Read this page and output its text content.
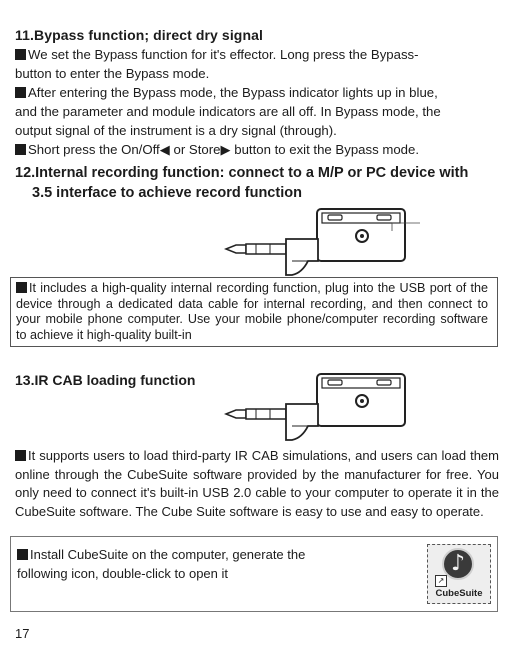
11.Bypass function; direct dry signal
We set the Bypass function for it's effector. Long press the Bypass-
button to enter the Bypass mode.
After entering the Bypass mode, the Bypass indicator lights up in blue,
and the parameter and module indicators are all off. In Bypass mode, the
output signal of the instrument is a dry signal (through).
Short press the On/Off◀ or Store▶ button to exit the Bypass mode.
12.Internal recording function: connect to a M/P or PC device with
3.5 interface to achieve record function
It includes a high-quality internal recording function, plug into the USB port of the device through a dedicated data cable for internal recording, and then connect to your mobile phone computer. Use your mobile phone/computer recording software to achieve it high-quality built-in
13.IR CAB loading function
It supports users to load third-party IR CAB simulations, and users can load them online through the CubeSuite software provided by the manufacturer for free. You only need to connect it's built-in USB 2.0 cable to your computer to operate it in the CubeSuite software. The Cube Suite software is easy to use and easy to operate.
Install CubeSuite on the computer, generate the
following icon, double-click to open it	♪
↗
CubeSuite
17
